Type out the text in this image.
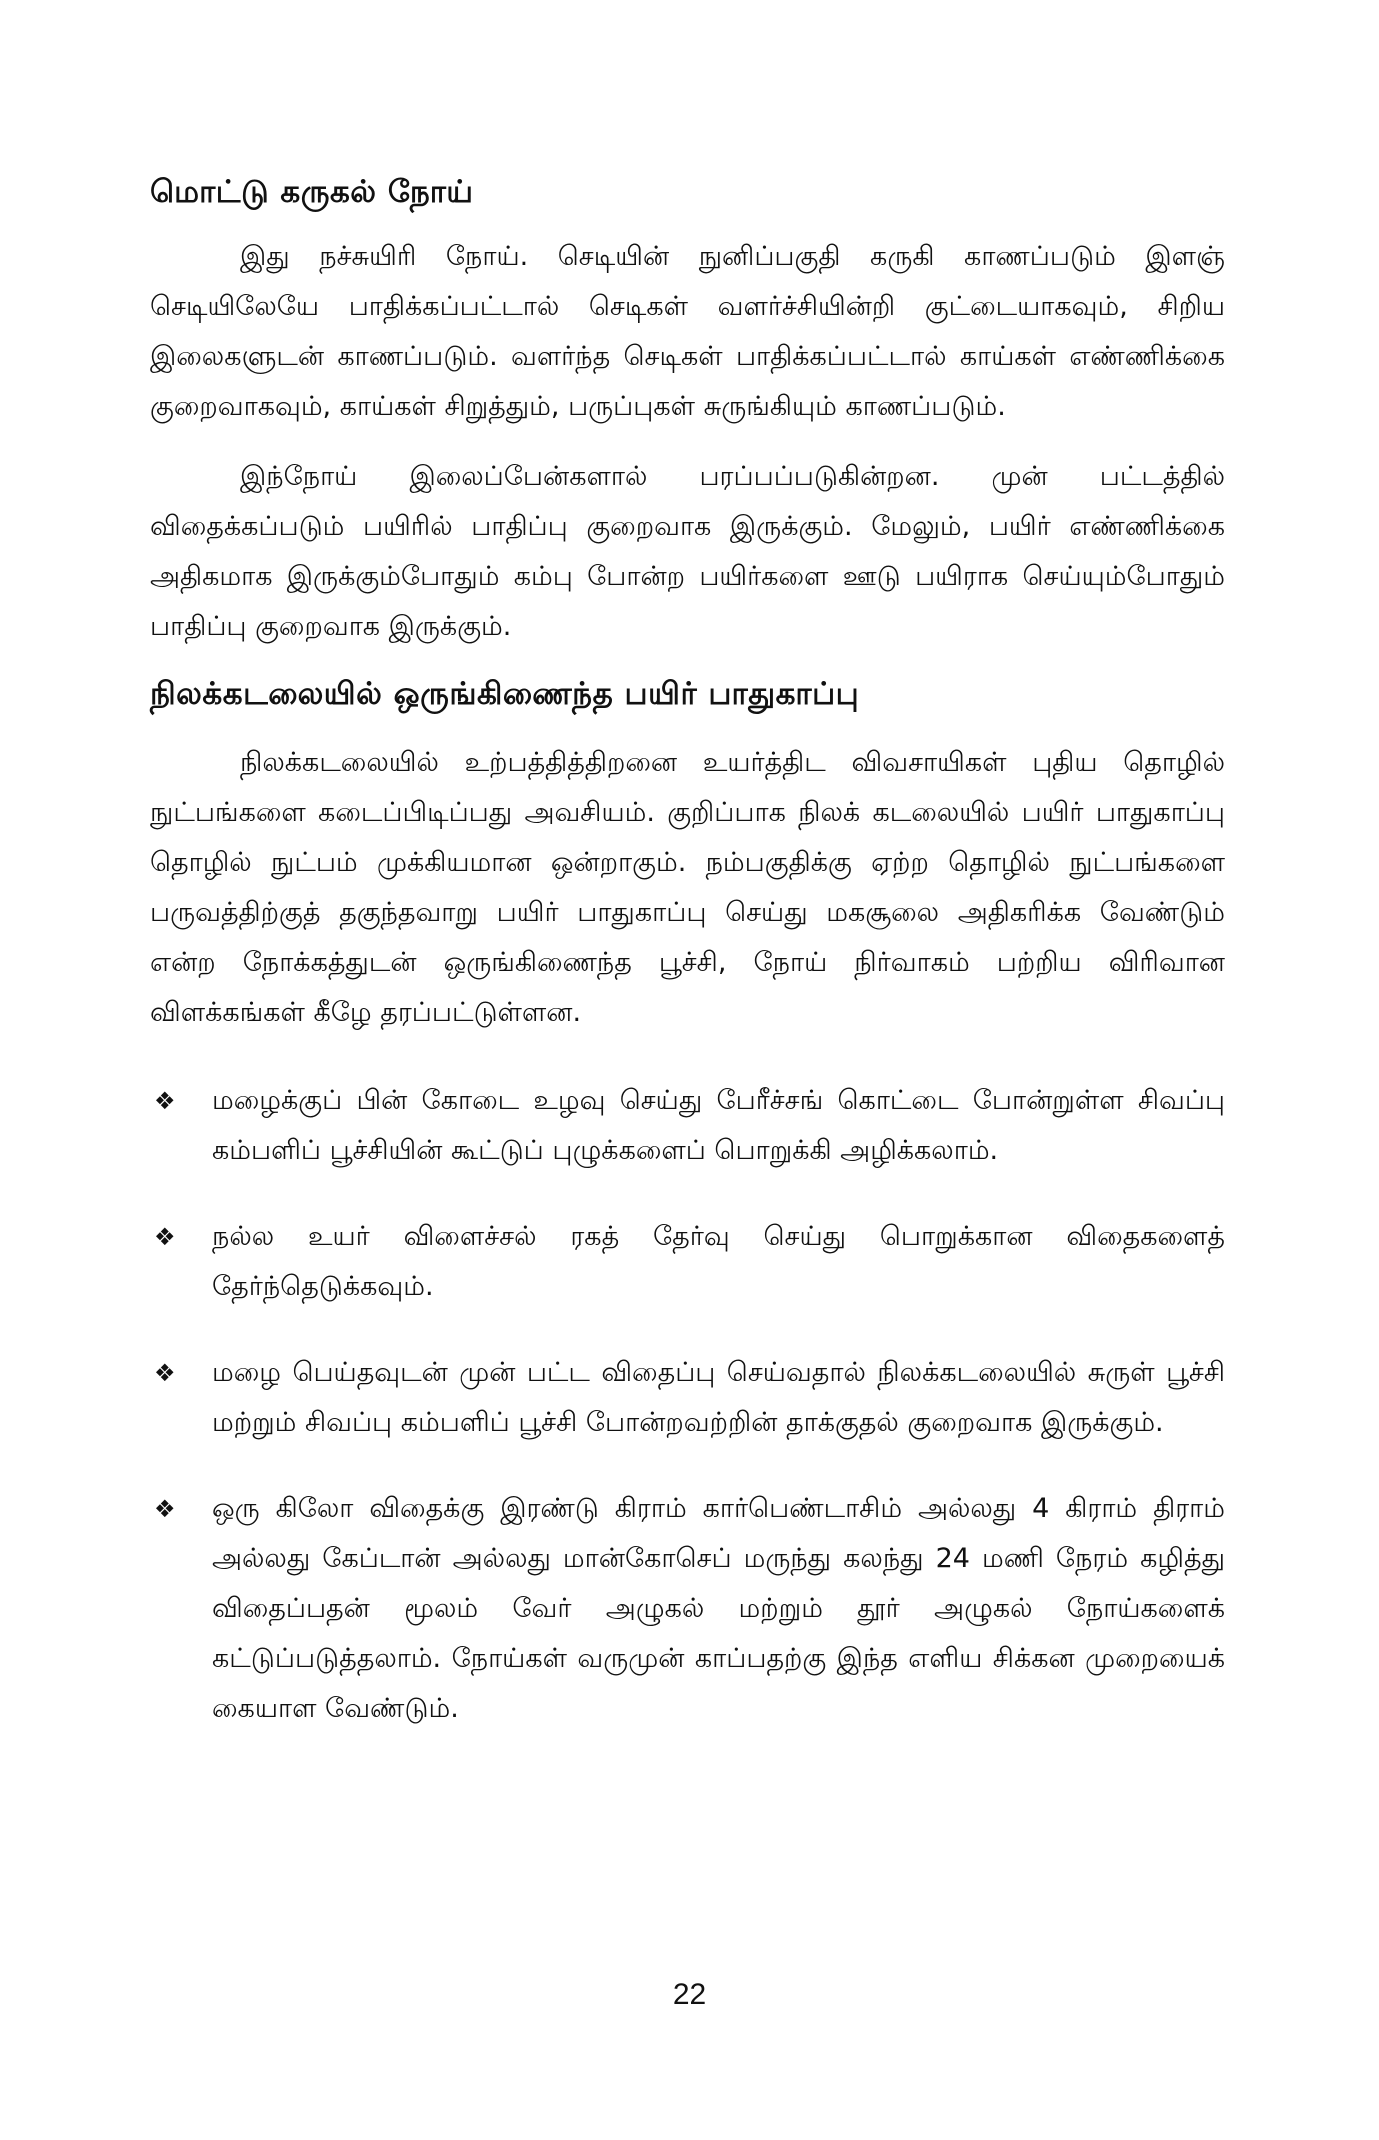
மொட்டு கருகல் நோய்

இது நச்சுயிரி நோய். செடியின் நுனிப்பகுதி கருகி காணப்படும் இளஞ் செடியிலேயே பாதிக்கப்பட்டால் செடிகள் வளர்ச்சியின்றி குட்டையாகவும், சிறிய இலைகளுடன் காணப்படும். வளர்ந்த செடிகள் பாதிக்கப்பட்டால் காய்கள் எண்ணிக்கை குறைவாகவும், காய்கள் சிறுத்தும், பருப்புகள் சுருங்கியும் காணப்படும்.

இந்நோய் இலைப்பேன்களால் பரப்பப்படுகின்றன. முன் பட்டத்தில் விதைக்கப்படும் பயிரில் பாதிப்பு குறைவாக இருக்கும். மேலும், பயிர் எண்ணிக்கை அதிகமாக இருக்கும்போதும் கம்பு போன்ற பயிர்களை ஊடு பயிராக செய்யும்போதும் பாதிப்பு குறைவாக இருக்கும்.

நிலக்கடலையில் ஒருங்கிணைந்த பயிர் பாதுகாப்பு

நிலக்கடலையில் உற்பத்தித்திறனை உயர்த்திட விவசாயிகள் புதிய தொழில் நுட்பங்களை கடைப்பிடிப்பது அவசியம். குறிப்பாக நிலக் கடலையில் பயிர் பாதுகாப்பு தொழில் நுட்பம் முக்கியமான ஒன்றாகும். நம்பகுதிக்கு ஏற்ற தொழில் நுட்பங்களை பருவத்திற்குத் தகுந்தவாறு பயிர் பாதுகாப்பு செய்து மகசூலை அதிகரிக்க வேண்டும் என்ற நோக்கத்துடன் ஒருங்கிணைந்த பூச்சி, நோய் நிர்வாகம் பற்றிய விரிவான விளக்கங்கள் கீழே தரப்பட்டுள்ளன.

❖ மழைக்குப் பின் கோடை உழவு செய்து பேரீச்சங் கொட்டை போன்றுள்ள சிவப்பு கம்பளிப் பூச்சியின் கூட்டுப் புழுக்களைப் பொறுக்கி அழிக்கலாம்.
❖ நல்ல உயர் விளைச்சல் ரகத் தேர்வு செய்து பொறுக்கான விதைகளைத் தேர்ந்தெடுக்கவும்.
❖ மழை பெய்தவுடன் முன் பட்ட விதைப்பு செய்வதால் நிலக்கடலையில் சுருள் பூச்சி மற்றும் சிவப்பு கம்பளிப் பூச்சி போன்றவற்றின் தாக்குதல் குறைவாக இருக்கும்.
❖ ஒரு கிலோ விதைக்கு இரண்டு கிராம் கார்பெண்டாசிம் அல்லது 4 கிராம் திராம் அல்லது கேப்டான் அல்லது மான்கோசெப் மருந்து கலந்து 24 மணி நேரம் கழித்து விதைப்பதன் மூலம் வேர் அழுகல் மற்றும் தூர் அழுகல் நோய்களைக் கட்டுப்படுத்தலாம். நோய்கள் வருமுன் காப்பதற்கு இந்த எளிய சிக்கன முறையைக் கையாள வேண்டும்.
22
